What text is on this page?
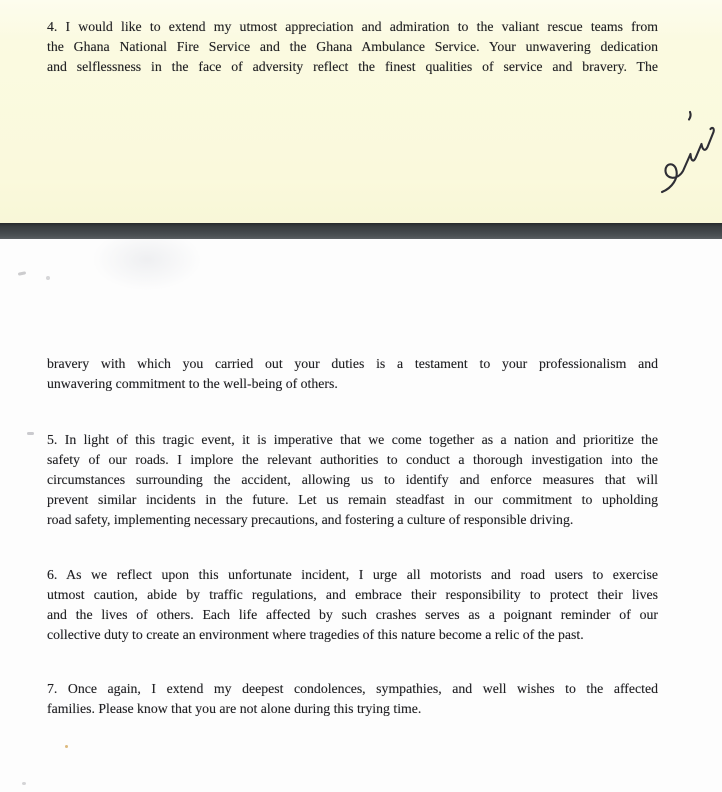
4. I would like to extend my utmost appreciation and admiration to the valiant rescue teams from
the Ghana National Fire Service and the Ghana Ambulance Service. Your unwavering dedication
and selflessness in the face of adversity reflect the finest qualities of service and bravery. The
bravery with which you carried out your duties is a testament to your professionalism and
unwavering commitment to the well-being of others.
5. In light of this tragic event, it is imperative that we come together as a nation and prioritize the
safety of our roads. I implore the relevant authorities to conduct a thorough investigation into the
circumstances surrounding the accident, allowing us to identify and enforce measures that will
prevent similar incidents in the future. Let us remain steadfast in our commitment to upholding
road safety, implementing necessary precautions, and fostering a culture of responsible driving.
6. As we reflect upon this unfortunate incident, I urge all motorists and road users to exercise
utmost caution, abide by traffic regulations, and embrace their responsibility to protect their lives
and the lives of others. Each life affected by such crashes serves as a poignant reminder of our
collective duty to create an environment where tragedies of this nature become a relic of the past.
7. Once again, I extend my deepest condolences, sympathies, and well wishes to the affected
families. Please know that you are not alone during this trying time.
